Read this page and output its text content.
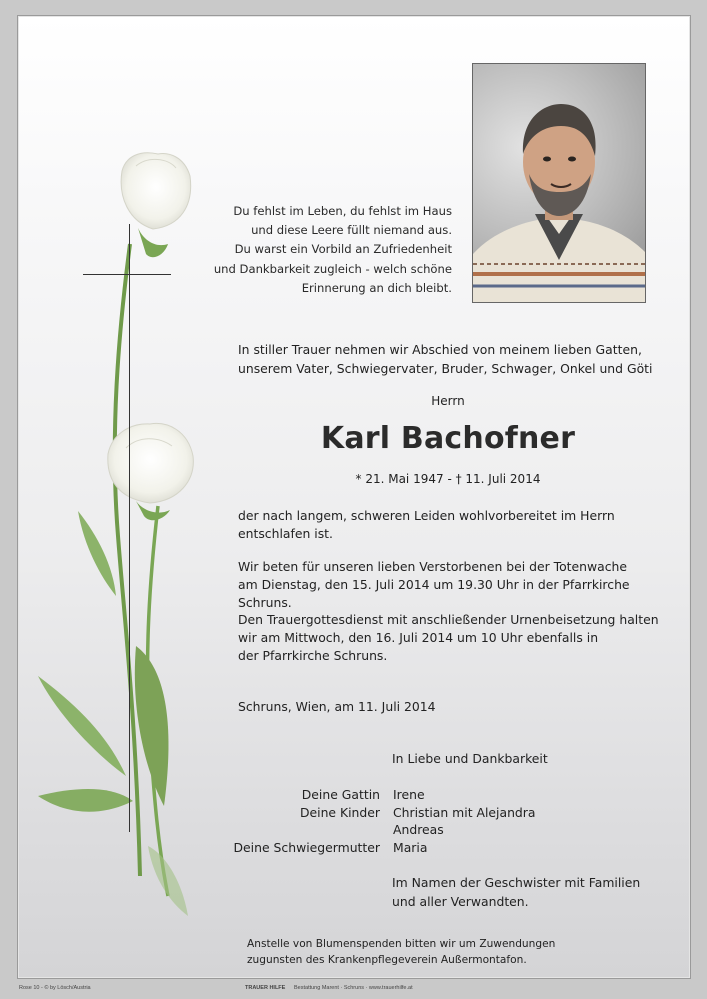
Du fehlst im Leben, du fehlst im Haus
und diese Leere füllt niemand aus.
Du warst ein Vorbild an Zufriedenheit
und Dankbarkeit zugleich - welch schöne
Erinnerung an dich bleibt.
In stiller Trauer nehmen wir Abschied von meinem lieben Gatten,
unserem Vater, Schwiegervater, Bruder, Schwager, Onkel und Göti
Herrn
Karl Bachofner
* 21. Mai 1947 - † 11. Juli 2014
der nach langem, schweren Leiden wohlvorbereitet im Herrn
entschlafen ist.
Wir beten für unseren lieben Verstorbenen bei der Totenwache
am Dienstag, den 15. Juli 2014 um 19.30 Uhr in der Pfarrkirche Schruns.
Den Trauergottesdienst mit anschließender Urnenbeisetzung halten
wir am Mittwoch, den 16. Juli 2014 um 10 Uhr ebenfalls in
der Pfarrkirche Schruns.
Schruns, Wien, am 11. Juli 2014
In Liebe und Dankbarkeit
Deine Gattin Irene
Deine Kinder Christian mit Alejandra
Andreas
Deine Schwiegermutter Maria
Im Namen der Geschwister mit Familien
und aller Verwandten.
Anstelle von Blumenspenden bitten wir um Zuwendungen
zugunsten des Krankenpflegeverein Außermontafon.
Rose 10 - © by Lösch/Austria	TRAUER HILFE Bestattung Marent · Schruns · www.trauerhilfe.at
